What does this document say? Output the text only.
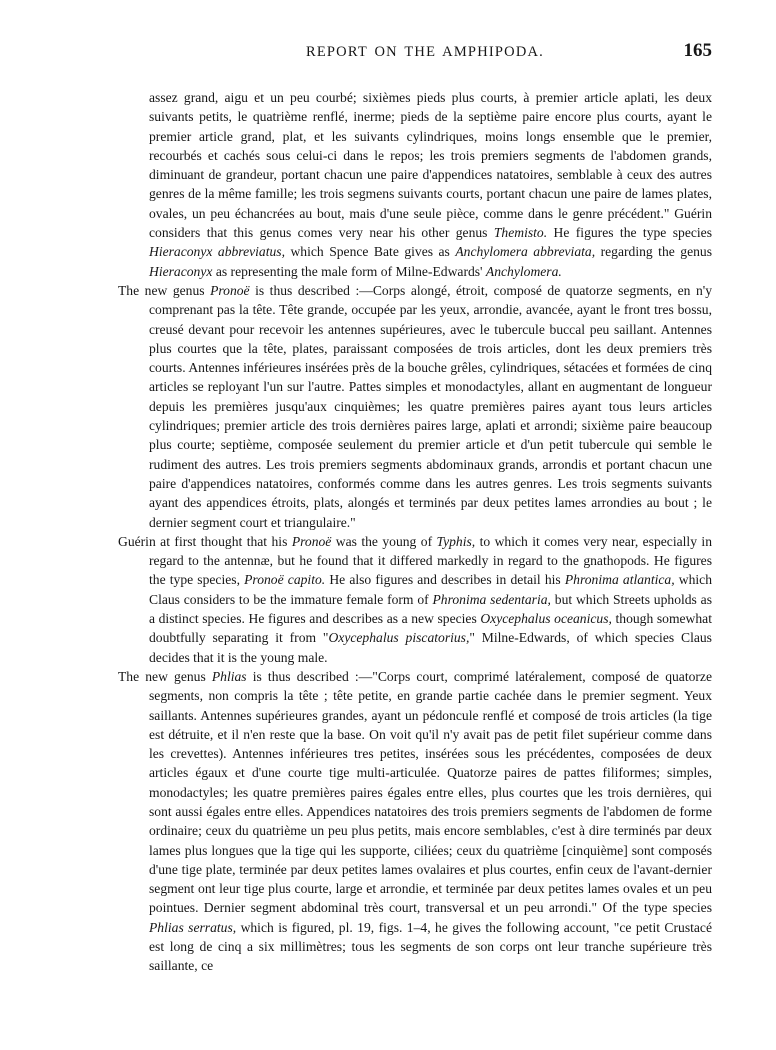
REPORT ON THE AMPHIPODA.	165

assez grand, aigu et un peu courbé; sixièmes pieds plus courts, à premier article aplati, les deux suivants petits, le quatrième renflé, inerme; pieds de la septième paire encore plus courts, ayant le premier article grand, plat, et les suivants cylindriques, moins longs ensemble que le premier, recourbés et cachés sous celui-ci dans le repos; les trois premiers segments de l'abdomen grands, diminuant de grandeur, portant chacun une paire d'appendices natatoires, semblable à ceux des autres genres de la même famille; les trois segmens suivants courts, portant chacun une paire de lames plates, ovales, un peu échancrées au bout, mais d'une seule pièce, comme dans le genre précédent." Guérin considers that this genus comes very near his other genus Themisto. He figures the type species Hieraconyx abbreviatus, which Spence Bate gives as Anchylomera abbreviata, regarding the genus Hieraconyx as representing the male form of Milne-Edwards' Anchylomera.

The new genus Pronoë is thus described :—Corps alongé, étroit, composé de quatorze segments, en n'y comprenant pas la tête. Tête grande, occupée par les yeux, arrondie, avancée, ayant le front tres bossu, creusé devant pour recevoir les antennes supérieures, avec le tubercule buccal peu saillant. Antennes plus courtes que la tête, plates, paraissant composées de trois articles, dont les deux premiers très courts. Antennes inférieures insérées près de la bouche grêles, cylindriques, sétacées et formées de cinq articles se reployant l'un sur l'autre. Pattes simples et monodactyles, allant en augmentant de longueur depuis les premières jusqu'aux cinquièmes; les quatre premières paires ayant tous leurs articles cylindriques; premier article des trois dernières paires large, aplati et arrondi; sixième paire beaucoup plus courte; septième, composée seulement du premier article et d'un petit tubercule qui semble le rudiment des autres. Les trois premiers segments abdominaux grands, arrondis et portant chacun une paire d'appendices natatoires, conformés comme dans les autres genres. Les trois segments suivants ayant des appendices étroits, plats, alongés et terminés par deux petites lames arrondies au bout ; le dernier segment court et triangulaire."

Guérin at first thought that his Pronoë was the young of Typhis, to which it comes very near, especially in regard to the antennæ, but he found that it differed markedly in regard to the gnathopods. He figures the type species, Pronoë capito. He also figures and describes in detail his Phronima atlantica, which Claus considers to be the immature female form of Phronima sedentaria, but which Streets upholds as a distinct species. He figures and describes as a new species Oxycephalus oceanicus, though somewhat doubtfully separating it from "Oxycephalus piscatorius," Milne-Edwards, of which species Claus decides that it is the young male.

The new genus Phlias is thus described :—"Corps court, comprimé latéralement, composé de quatorze segments, non compris la tête ; tête petite, en grande partie cachée dans le premier segment. Yeux saillants. Antennes supérieures grandes, ayant un pédoncule renflé et composé de trois articles (la tige est détruite, et il n'en reste que la base. On voit qu'il n'y avait pas de petit filet supérieur comme dans les crevettes). Antennes inférieures tres petites, insérées sous les précédentes, composées de deux articles égaux et d'une courte tige multi-articulée. Quatorze paires de pattes filiformes; simples, monodactyles; les quatre premières paires égales entre elles, plus courtes que les trois dernières, qui sont aussi égales entre elles. Appendices natatoires des trois premiers segments de l'abdomen de forme ordinaire; ceux du quatrième un peu plus petits, mais encore semblables, c'est à dire terminés par deux lames plus longues que la tige qui les supporte, ciliées; ceux du quatrième [cinquième] sont composés d'une tige plate, terminée par deux petites lames ovalaires et plus courtes, enfin ceux de l'avant-dernier segment ont leur tige plus courte, large et arrondie, et terminée par deux petites lames ovales et un peu pointues. Dernier segment abdominal très court, transversal et un peu arrondi." Of the type species Phlias serratus, which is figured, pl. 19, figs. 1–4, he gives the following account, "ce petit Crustacé est long de cinq a six millimètres; tous les segments de son corps ont leur tranche supérieure très saillante, ce
